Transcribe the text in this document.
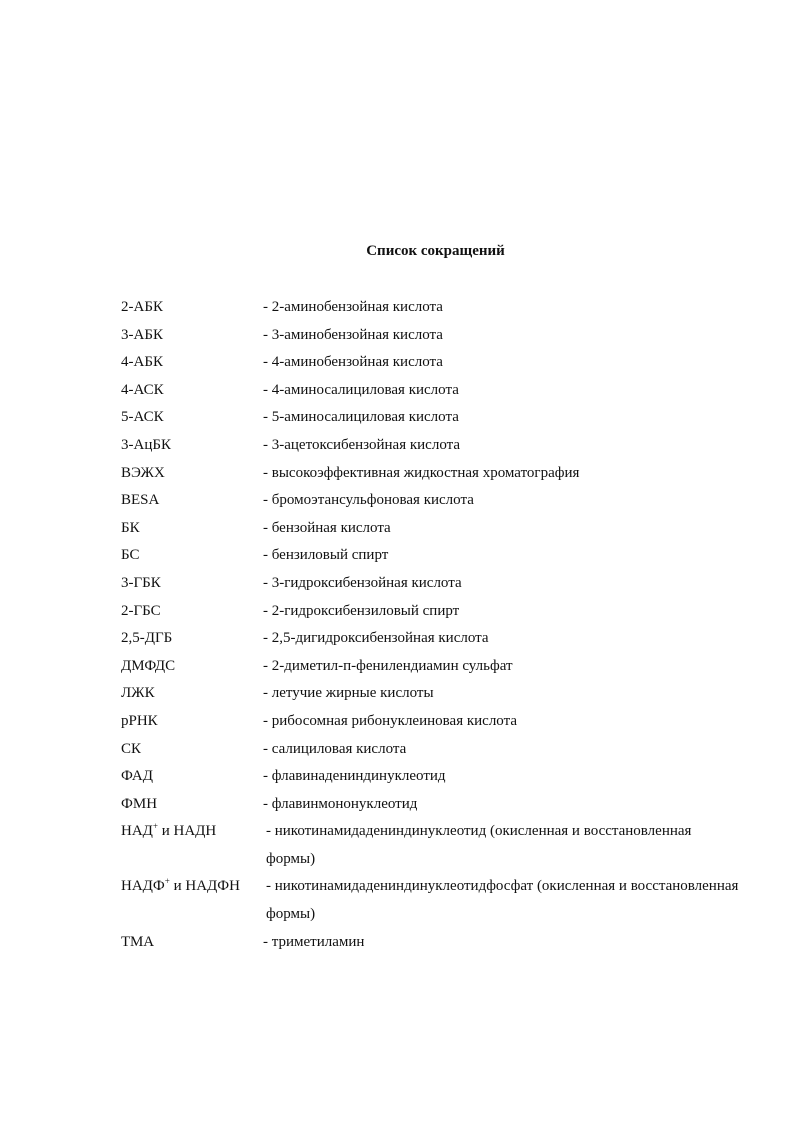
Список сокращений
2-АБК	- 2-аминобензойная кислота
3-АБК	- 3-аминобензойная кислота
4-АБК	- 4-аминобензойная кислота
4-АСК	- 4-аминосалициловая кислота
5-АСК	- 5-аминосалициловая кислота
3-АцБК	- 3-ацетоксибензойная кислота
ВЭЖХ	- высокоэффективная жидкостная хроматография
BESA	- бромоэтансульфоновая кислота
БК	- бензойная кислота
БС	- бензиловый спирт
3-ГБК	- 3-гидроксибензойная кислота
2-ГБС	- 2-гидроксибензиловый спирт
2,5-ДГБ	- 2,5-дигидроксибензойная кислота
ДМФДС	- 2-диметил-п-фенилендиамин сульфат
ЛЖК	- летучие жирные кислоты
рРНК	- рибосомная рибонуклеиновая кислота
СК	- салициловая кислота
ФАД	- флавинадениндинуклеотид
ФМН	- флавинмононуклеотид
НАД+ и НАДН	- никотинамидадениндинуклеотид (окисленная и восстановленная формы)
НАДФ+ и НАДФН - никотинамидадениндинуклеотидфосфат (окисленная и восстановленная формы)
ТМА	- триметиламин
